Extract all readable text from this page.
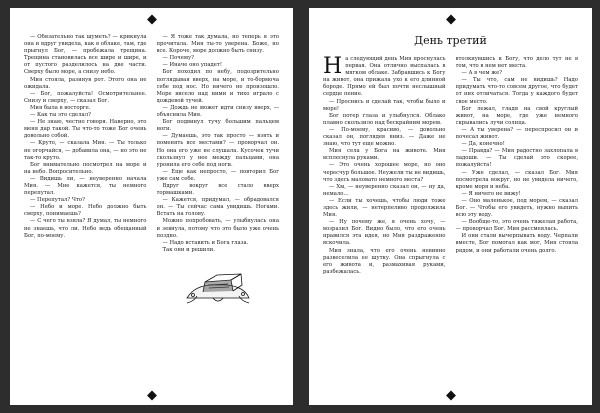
— Обязательно так шуметь? — крикнула она и вдруг увидела, как в облаке, там, где прыгнул Бог, — пробежала трещина. Трещина становилась все шире и шире, и от пустого разделилось на две части. Сверху было море, а снизу небо.

Мия стояла, разинув рот. Этого она не ожидала.

— Бог, пожалуйста! Осмотрительнее. Снизу и сверху, — сказал Бог.

Мия была в восторге.

— Как ты это сделал?

— Не знаю, честно говоря. Наверно, это меня дар такой. Ты что-то тоже Бог очень довольно собой.

— Круто, — сказала Мия. — Ты только не огорчайся, — добавила она, — но это не так-то круто.

Бог внимательно посмотрел на море и на небо. Вопросительно.

— Видишь ли, — неуверенно начала Мия. — Мне кажется, ты немного перепутал.

— Перепутал? Что?

— Небо и море. Небо должно быть сверху, понимаешь?

— С чего ты взяла? Я думал, ты немного не знаешь, что ли. Небо ведь обещанный Бог, по-моему.

— Я тоже так думала, но теперь я это прочитала. Мия ты-то уверена. Боже, но все. Короче, море должно быть снизу.

— Почему?

— Иначе оно упадет!

Бог походил по небу, подозрительно поглядывая вверх, на море, и то-бормоча себе под нос. Но ничего не произошло. Море висело над ними и тихо играло с дождевой тучей.

— Дождь не может идти снизу вверх, — объяснила Мия.

Бог подвинул тучу большим пальцем ноги.

— Думаешь, это так просто — взять и поменять все местами? — проворчал он. Но она его уже не слушала. Кусочек тучи скользнул у нее между пальцами, она уронила его себе под ноги.

— Еще как непросто, — повторил Бог уже сам себе.

Вдруг вокруг все стало вверх тормашками.

— Кажется, придумал, — обрадовался он. — Ты сейчас сама увидишь. Ногами. Встать на голову.

Можно попробовать, — улыбнулась она и зевнула, потому что это было уже очень поздно.

— Надо вставить и Бога глаза.

Так они и решили.

День третий
Н а следующий день Мия проснулась первая. Она отлично выспалась в мягком облаке. Забравшись к Богу на живот, она прижала ухо к его длинной бороде. Прямо ей был почти неслышный сердце пение.

— Проснись и сделай так, чтобы было и море!

Бог потер глаза и улыбнулся. Облако плавно скользило над бескрайним морем.

— По-моему, красиво, — довольно сказал он, поглядев вниз. — Даже не знаю, что тут еще можно.

Мия села у Бога на животе. Мия всплеснула руками.

— Это очень хорошее море, но оно чересчур большое. Неужели ты не видишь, что здесь маловато немного места?

— Хм, — неуверенно сказал он, — ну да, немало…

— Если ты хочешь, чтобы люди тоже здесь жили, — нетерпеливо продолжила Мия.

— Ну почему же, я очень хочу, — возразил Бог. Видно было, что его очень нравился эта идея, но Мия раздраженно вскочила.

Мия знала, что его очень невинно развеселила ее шутку. Она спрыгнула с его живота и, размахивая руками, разбежалась.

втолкнувшись к Богу, что дело тут не в том, что в нем нет места.

— А в чем же?

— Ты что, сам не видишь? Надо придумать что-то совсем другое, что будет от них отличаться. Тогда у каждого будет свое место.

Бог лежал, гладя на свой круглый живот, на море, где уже немного скрывались лучи солнца.

— А ты уверена? — переспросил он и почесал живот.

— Да, конечно!

— Правда? — Мия радостно захлопала в ладоши. — Ты сделай это скорее, пожалуйста!

— Уже сделал, — сказал Бог. Мия посмотрела вокруг, но не увидела ничего, кроме моря и неба.

— Я ничего не вижу!

— Оно маленькое, под морем, — сказал Бог. — Чтобы его увидеть, нужно выпить всю эту воду.

— Вообще-то, это очень тяжелая работа, — проворчал Бог. Мия рассмеялась.

И они стали вычерпывать воду. Черпали вместе, Бог помогал как мог, Мия стояла рядом, и они работали очень долго.
